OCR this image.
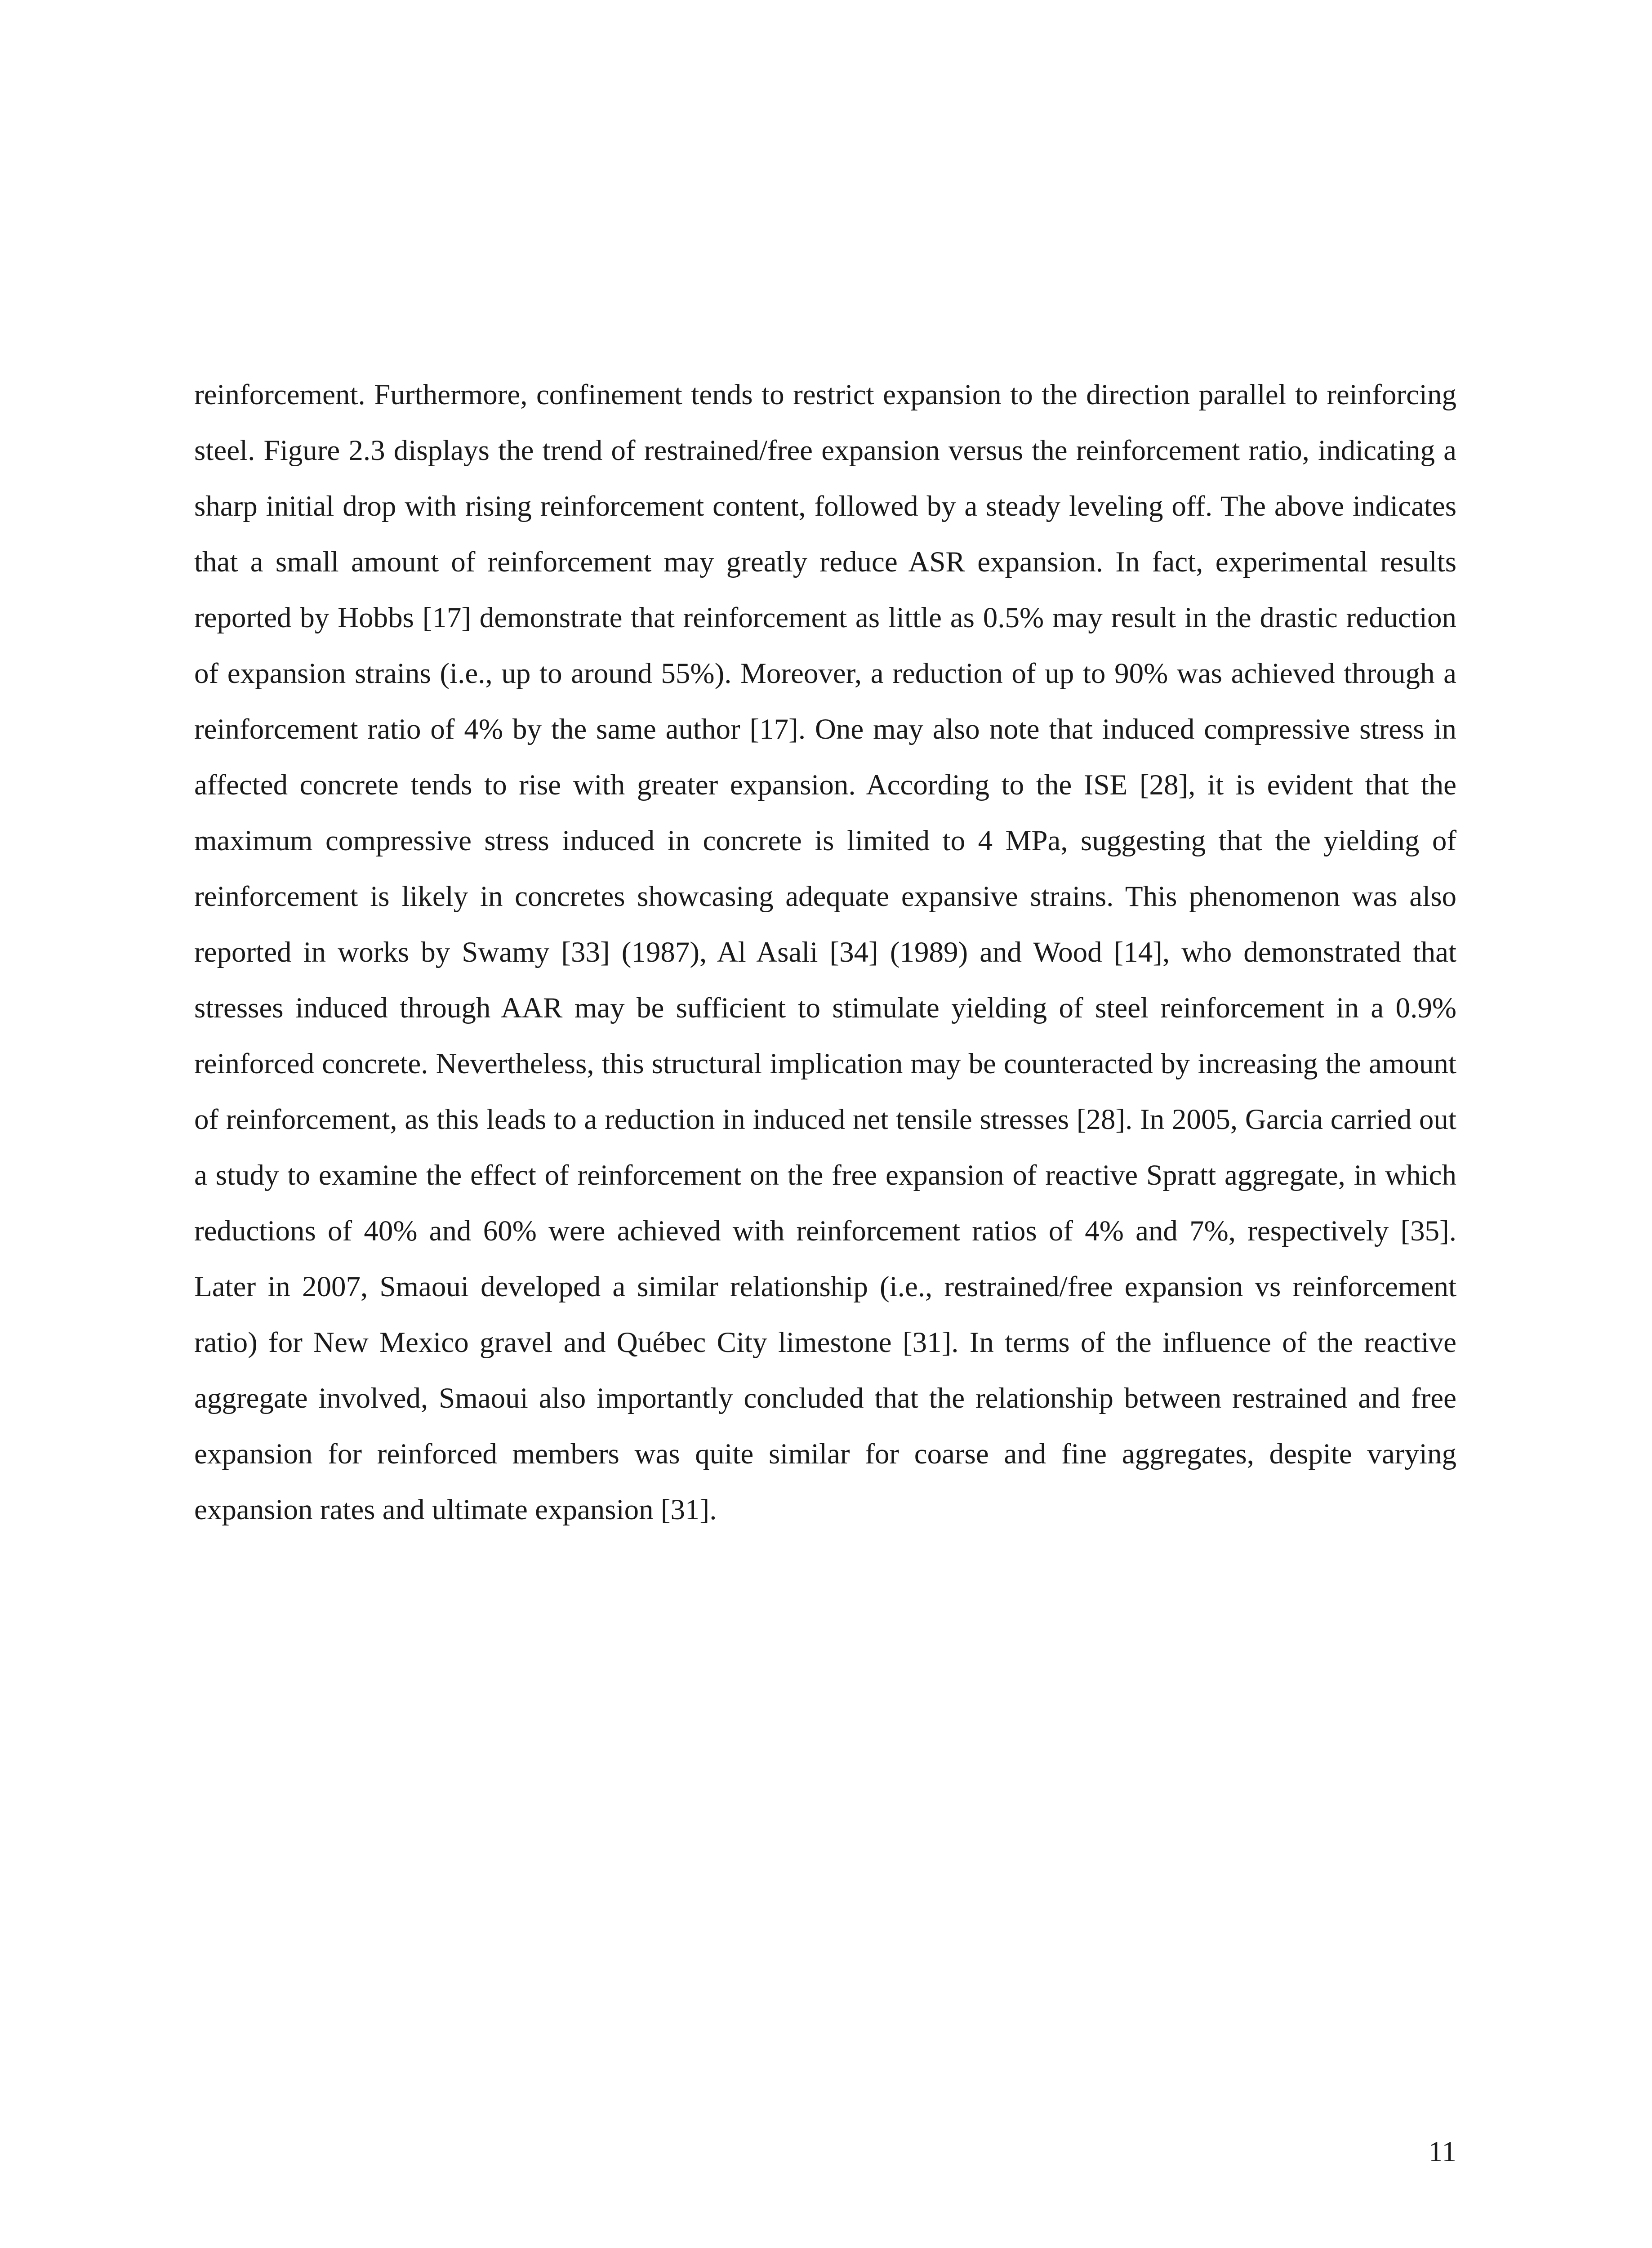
reinforcement. Furthermore, confinement tends to restrict expansion to the direction parallel to reinforcing steel. Figure 2.3 displays the trend of restrained/free expansion versus the reinforcement ratio, indicating a sharp initial drop with rising reinforcement content, followed by a steady leveling off. The above indicates that a small amount of reinforcement may greatly reduce ASR expansion. In fact, experimental results reported by Hobbs [17] demonstrate that reinforcement as little as 0.5% may result in the drastic reduction of expansion strains (i.e., up to around 55%). Moreover, a reduction of up to 90% was achieved through a reinforcement ratio of 4% by the same author [17]. One may also note that induced compressive stress in affected concrete tends to rise with greater expansion. According to the ISE [28], it is evident that the maximum compressive stress induced in concrete is limited to 4 MPa, suggesting that the yielding of reinforcement is likely in concretes showcasing adequate expansive strains. This phenomenon was also reported in works by Swamy [33] (1987), Al Asali [34] (1989) and Wood [14], who demonstrated that stresses induced through AAR may be sufficient to stimulate yielding of steel reinforcement in a 0.9% reinforced concrete. Nevertheless, this structural implication may be counteracted by increasing the amount of reinforcement, as this leads to a reduction in induced net tensile stresses [28]. In 2005, Garcia carried out a study to examine the effect of reinforcement on the free expansion of reactive Spratt aggregate, in which reductions of 40% and 60% were achieved with reinforcement ratios of 4% and 7%, respectively [35]. Later in 2007, Smaoui developed a similar relationship (i.e., restrained/free expansion vs reinforcement ratio) for New Mexico gravel and Québec City limestone [31]. In terms of the influence of the reactive aggregate involved, Smaoui also importantly concluded that the relationship between restrained and free expansion for reinforced members was quite similar for coarse and fine aggregates, despite varying expansion rates and ultimate expansion [31].

11
